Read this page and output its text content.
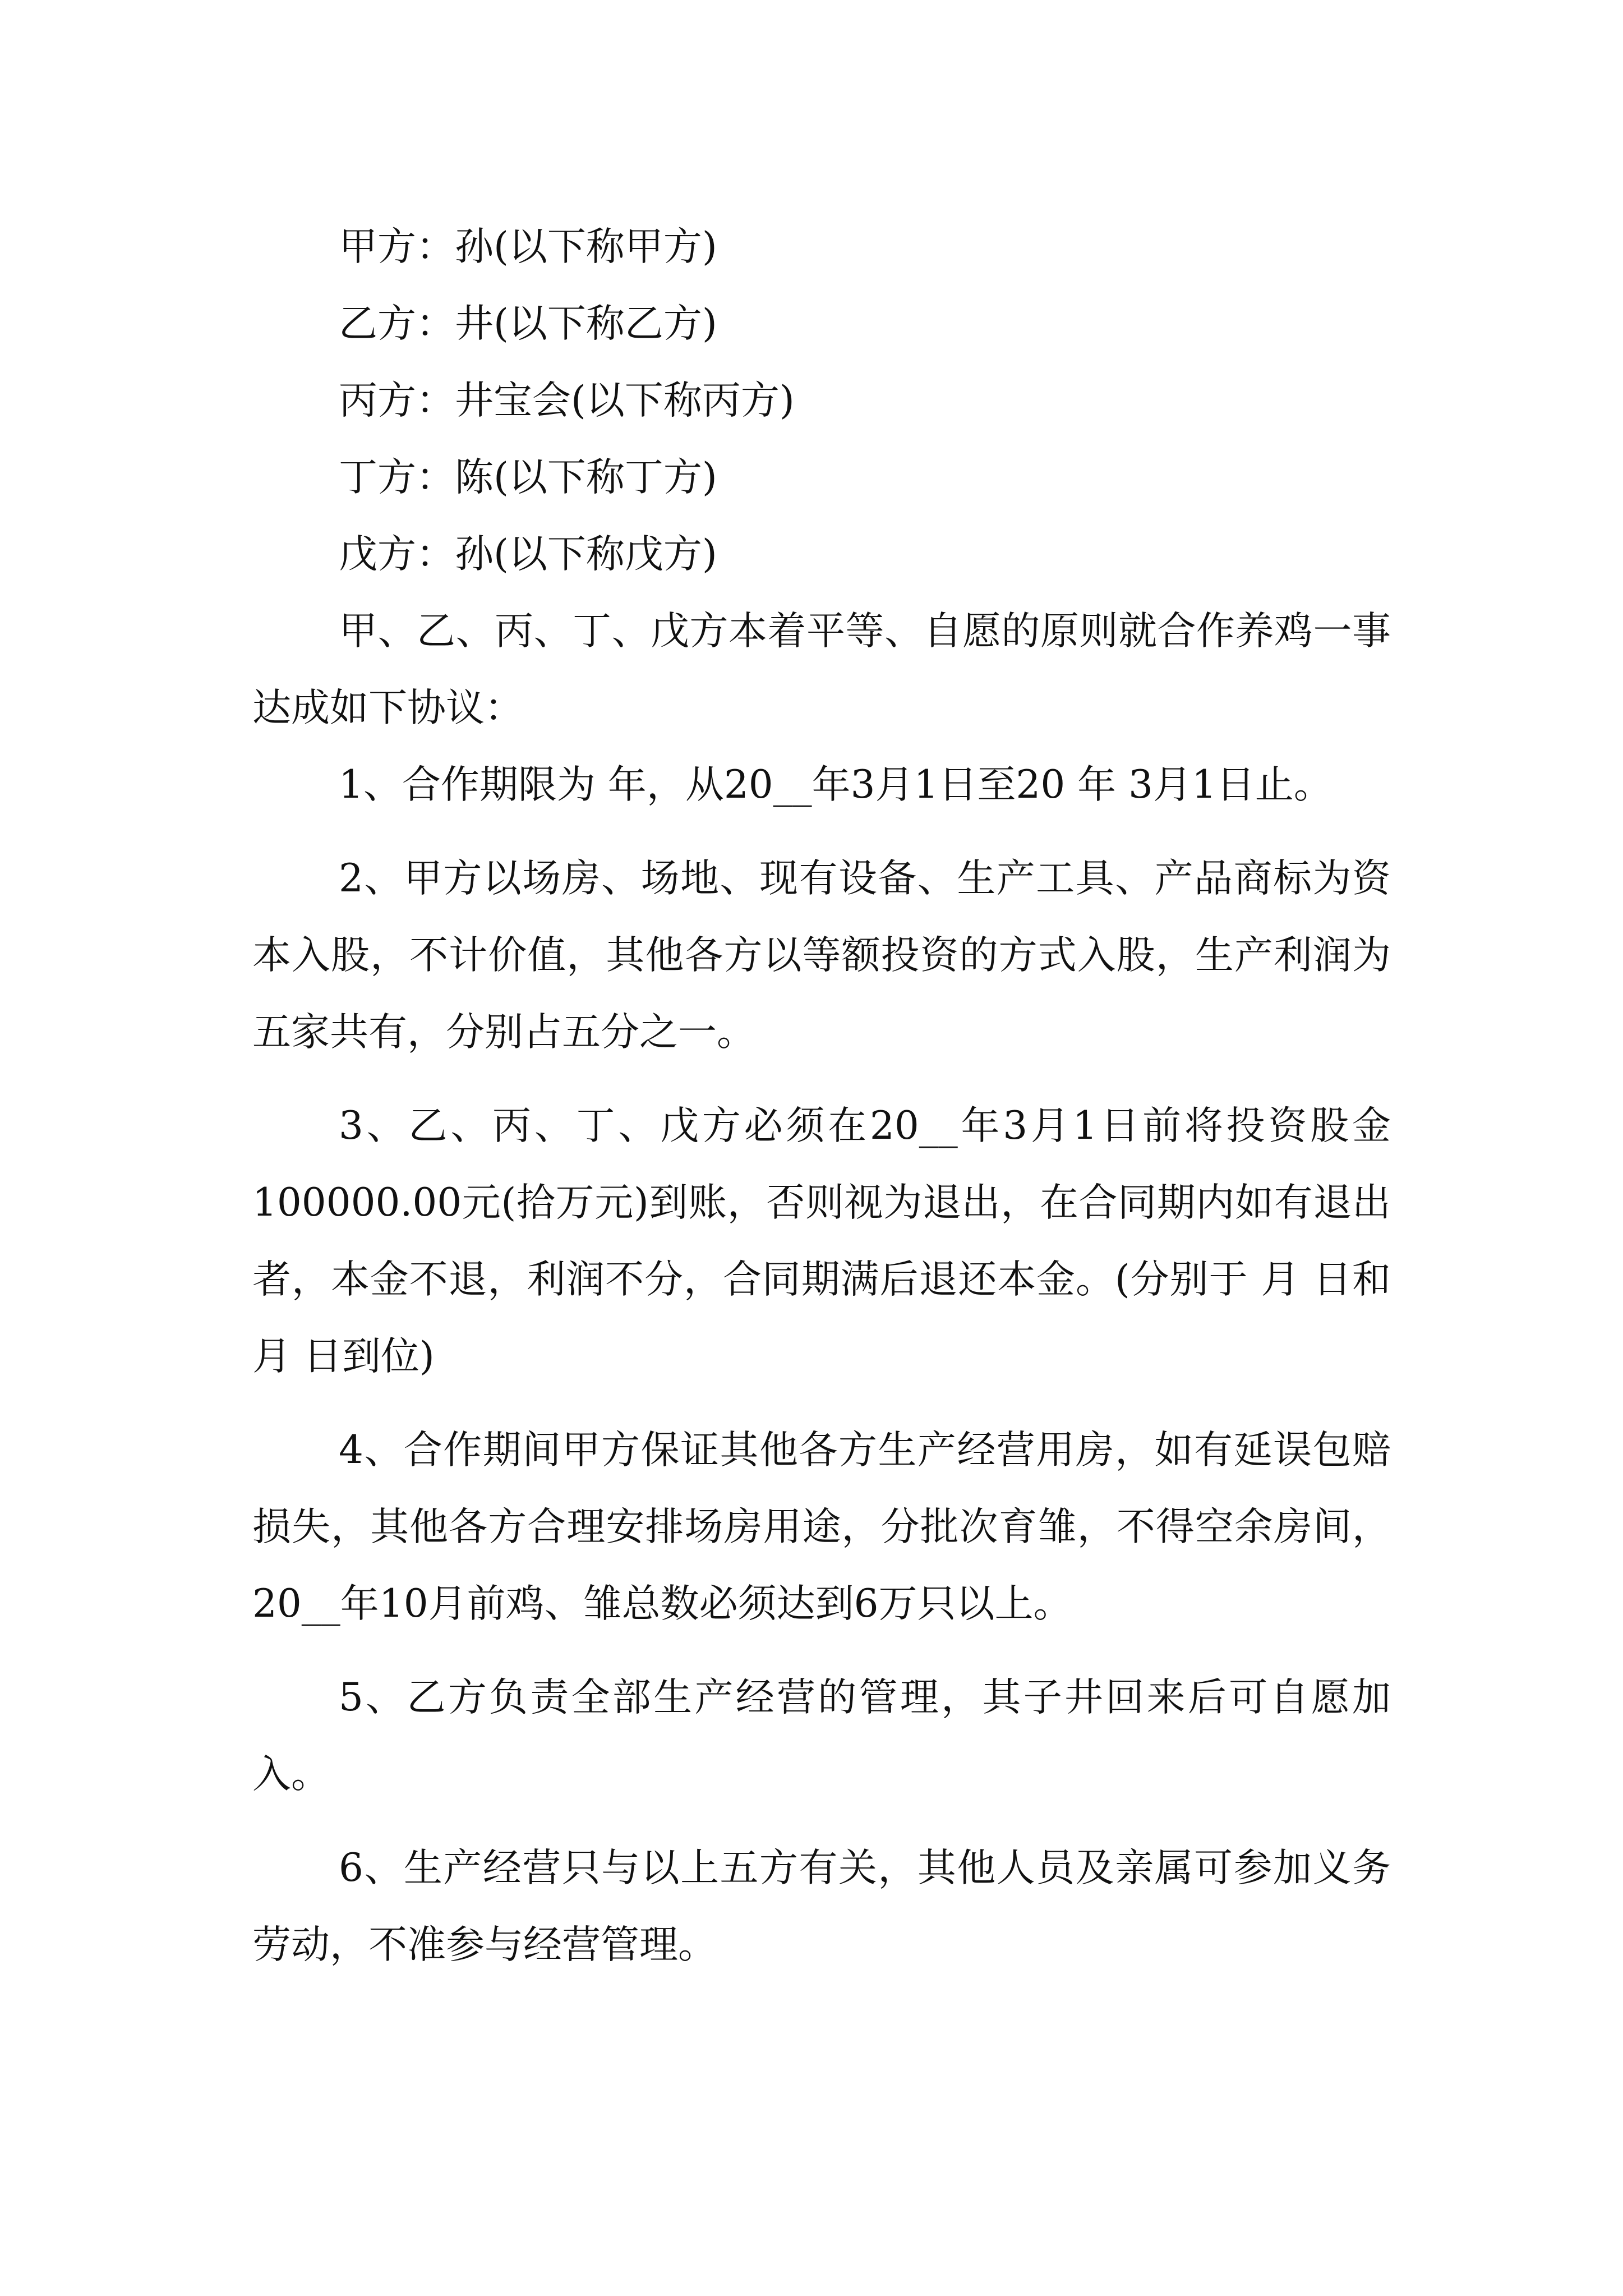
甲方：孙(以下称甲方)

乙方：井(以下称乙方)

丙方：井宝会(以下称丙方)

丁方：陈(以下称丁方)

戊方：孙(以下称戊方)

甲、乙、丙、丁、戊方本着平等、自愿的原则就合作养鸡一事达成如下协议：

1、合作期限为 年，从20__年3月1日至20 年 3月1日止。

2、甲方以场房、场地、现有设备、生产工具、产品商标为资本入股，不计价值，其他各方以等额投资的方式入股，生产利润为五家共有，分别占五分之一。

3、乙、丙、丁、戊方必须在20__年3月1日前将投资股金100000.00元(拾万元)到账，否则视为退出，在合同期内如有退出者，本金不退，利润不分，合同期满后退还本金。(分别于 月 日和 月 日到位)

4、合作期间甲方保证其他各方生产经营用房，如有延误包赔损失，其他各方合理安排场房用途，分批次育雏，不得空余房间，20__年10月前鸡、雏总数必须达到6万只以上。

5、乙方负责全部生产经营的管理，其子井回来后可自愿加入。

6、生产经营只与以上五方有关，其他人员及亲属可参加义务劳动，不准参与经营管理。
